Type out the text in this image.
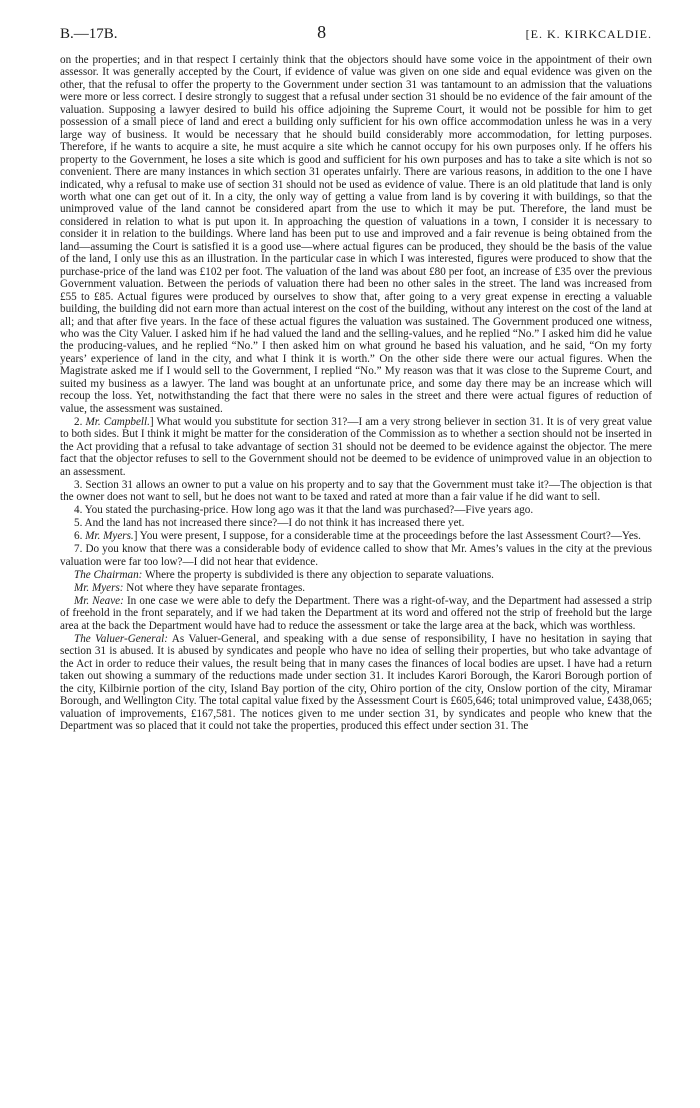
B.—17B.	8	[E. K. KIRKCALDIE.

on the properties; and in that respect I certainly think that the objectors should have some voice in the appointment of their own assessor. It was generally accepted by the Court, if evidence of value was given on one side and equal evidence was given on the other, that the refusal to offer the property to the Government under section 31 was tantamount to an admission that the valuations were more or less correct. I desire strongly to suggest that a refusal under section 31 should be no evidence of the fair amount of the valuation. Supposing a lawyer desired to build his office adjoining the Supreme Court, it would not be possible for him to get possession of a small piece of land and erect a building only sufficient for his own office accommodation unless he was in a very large way of business. It would be necessary that he should build considerably more accommodation, for letting purposes. Therefore, if he wants to acquire a site, he must acquire a site which he cannot occupy for his own purposes only. If he offers his property to the Government, he loses a site which is good and sufficient for his own purposes and has to take a site which is not so convenient. There are many instances in which section 31 operates unfairly. There are various reasons, in addition to the one I have indicated, why a refusal to make use of section 31 should not be used as evidence of value. There is an old platitude that land is only worth what one can get out of it. In a city, the only way of getting a value from land is by covering it with buildings, so that the unimproved value of the land cannot be considered apart from the use to which it may be put. Therefore, the land must be considered in relation to what is put upon it. In approaching the question of valuations in a town, I consider it is necessary to consider it in relation to the buildings. Where land has been put to use and improved and a fair revenue is being obtained from the land—assuming the Court is satisfied it is a good use—where actual figures can be produced, they should be the basis of the value of the land, I only use this as an illustration. In the particular case in which I was interested, figures were produced to show that the purchase-price of the land was £102 per foot. The valuation of the land was about £80 per foot, an increase of £35 over the previous Government valuation. Between the periods of valuation there had been no other sales in the street. The land was increased from £55 to £85. Actual figures were produced by ourselves to show that, after going to a very great expense in erecting a valuable building, the building did not earn more than actual interest on the cost of the building, without any interest on the cost of the land at all; and that after five years. In the face of these actual figures the valuation was sustained. The Government produced one witness, who was the City Valuer. I asked him if he had valued the land and the selling-values, and he replied “No.” I asked him did he value the producing-values, and he replied “No.” I then asked him on what ground he based his valuation, and he said, “On my forty years’ experience of land in the city, and what I think it is worth.” On the other side there were our actual figures. When the Magistrate asked me if I would sell to the Government, I replied “No.” My reason was that it was close to the Supreme Court, and suited my business as a lawyer. The land was bought at an unfortunate price, and some day there may be an increase which will recoup the loss. Yet, notwithstanding the fact that there were no sales in the street and there were actual figures of reduction of value, the assessment was sustained.

2. Mr. Campbell.] What would you substitute for section 31?—I am a very strong believer in section 31. It is of very great value to both sides. But I think it might be matter for the consideration of the Commission as to whether a section should not be inserted in the Act providing that a refusal to take advantage of section 31 should not be deemed to be evidence against the objector. The mere fact that the objector refuses to sell to the Government should not be deemed to be evidence of unimproved value in an objection to an assessment.

3. Section 31 allows an owner to put a value on his property and to say that the Government must take it?—The objection is that the owner does not want to sell, but he does not want to be taxed and rated at more than a fair value if he did want to sell.

4. You stated the purchasing-price. How long ago was it that the land was purchased?—Five years ago.

5. And the land has not increased there since?—I do not think it has increased there yet.

6. Mr. Myers.] You were present, I suppose, for a considerable time at the proceedings before the last Assessment Court?—Yes.

7. Do you know that there was a considerable body of evidence called to show that Mr. Ames’s values in the city at the previous valuation were far too low?—I did not hear that evidence.

The Chairman: Where the property is subdivided is there any objection to separate valuations.

Mr. Myers: Not where they have separate frontages.

Mr. Neave: In one case we were able to defy the Department. There was a right-of-way, and the Department had assessed a strip of freehold in the front separately, and if we had taken the Department at its word and offered not the strip of freehold but the large area at the back the Department would have had to reduce the assessment or take the large area at the back, which was worthless.

The Valuer-General: As Valuer-General, and speaking with a due sense of responsibility, I have no hesitation in saying that section 31 is abused. It is abused by syndicates and people who have no idea of selling their properties, but who take advantage of the Act in order to reduce their values, the result being that in many cases the finances of local bodies are upset. I have had a return taken out showing a summary of the reductions made under section 31. It includes Karori Borough, the Karori Borough portion of the city, Kilbirnie portion of the city, Island Bay portion of the city, Ohiro portion of the city, Onslow portion of the city, Miramar Borough, and Wellington City. The total capital value fixed by the Assessment Court is £605,646; total unimproved value, £438,065; valuation of improvements, £167,581. The notices given to me under section 31, by syndicates and people who knew that the Department was so placed that it could not take the properties, produced this effect under section 31. The
